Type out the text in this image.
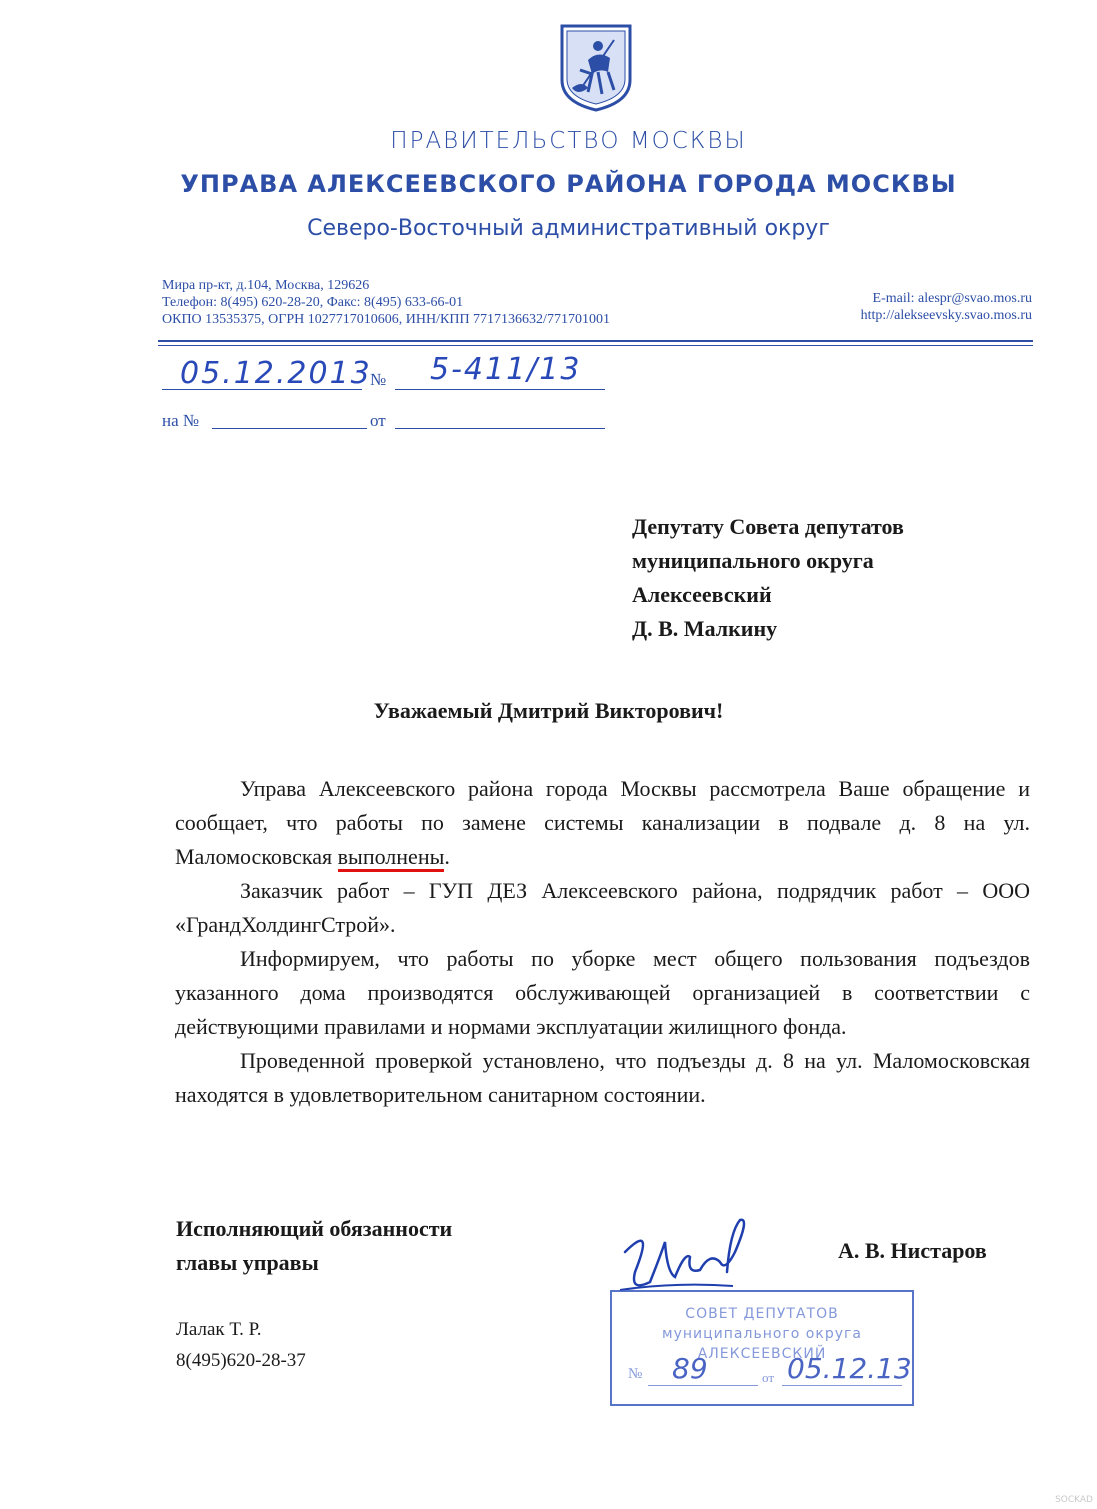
ПРАВИТЕЛЬСТВО МОСКВЫ
УПРАВА АЛЕКСЕЕВСКОГО РАЙОНА ГОРОДА МОСКВЫ
Северо-Восточный административный округ
Мира пр-кт, д.104, Москва, 129626
Телефон: 8(495) 620-28-20, Факс: 8(495) 633-66-01
ОКПО 13535375, ОГРН 1027717010606, ИНН/КПП 7717136632/771701001
E-mail: alespr@svao.mos.ru
http://alekseevsky.svao.mos.ru
05.12.2013
№ 5-411/13
на №	от
Депутату Совета депутатов
муниципального округа
Алексеевский
Д. В. Малкину
Уважаемый Дмитрий Викторович!

Управа Алексеевского района города Москвы рассмотрела Ваше обращение и сообщает, что работы по замене системы канализации в подвале д. 8 на ул. Маломосковская выполнены.

Заказчик работ – ГУП ДЕЗ Алексеевского района, подрядчик работ – ООО «ГрандХолдингСтрой».

Информируем, что работы по уборке мест общего пользования подъездов указанного дома производятся обслуживающей организацией в соответствии с действующими правилами и нормами эксплуатации жилищного фонда.

Проведенной проверкой установлено, что подъезды д. 8 на ул. Маломосковская находятся в удовлетворительном санитарном состоянии.

Исполняющий обязанности
главы управы	А. В. Нистаров
Лалак Т. Р.
8(495)620-28-37
СОВЕТ ДЕПУТАТОВ
муниципального округа
АЛЕКСЕЕВСКИЙ
№ 89	от 05.12.13
SOCKAD
